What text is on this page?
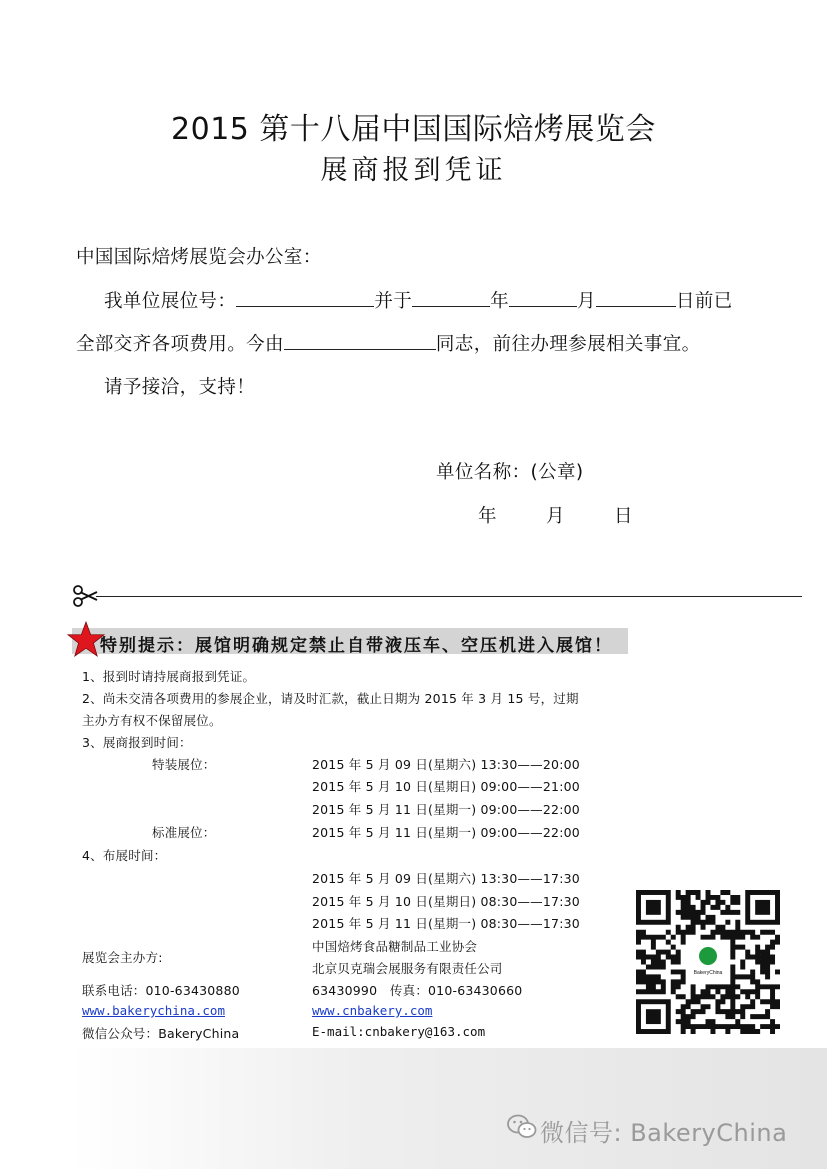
2015 第十八届中国国际焙烤展览会
展商报到凭证
中国国际焙烤展览会办公室：
我单位展位号：	并于	年	月	日前已
全部交齐各项费用。今由	同志，前往办理参展相关事宜。
请予接洽，支持！
单位名称：(公章)
年	月	日
特别提示：展馆明确规定禁止自带液压车、空压机进入展馆！
1、报到时请持展商报到凭证。
2、尚未交清各项费用的参展企业，请及时汇款，截止日期为 2015 年 3 月 15 号，过期
主办方有权不保留展位。
3、展商报到时间：
特装展位：	2015 年 5 月 09 日(星期六) 13:30——20:00
2015 年 5 月 10 日(星期日) 09:00——21:00
2015 年 5 月 11 日(星期一) 09:00——22:00
标准展位：	2015 年 5 月 11 日(星期一) 09:00——22:00
4、布展时间：
2015 年 5 月 09 日(星期六) 13:30——17:30
2015 年 5 月 10 日(星期日) 08:30——17:30
2015 年 5 月 11 日(星期一) 08:30——17:30
展览会主办方:
中国焙烤食品糖制品工业协会
北京贝克瑞会展服务有限责任公司
联系电话：010-63430880	63430990　传真：010-63430660
www.bakerychina.com	www.cnbakery.com
微信公众号：BakeryChina	E-mail:cnbakery@163.com
BakeryChina
微信号: BakeryChina
